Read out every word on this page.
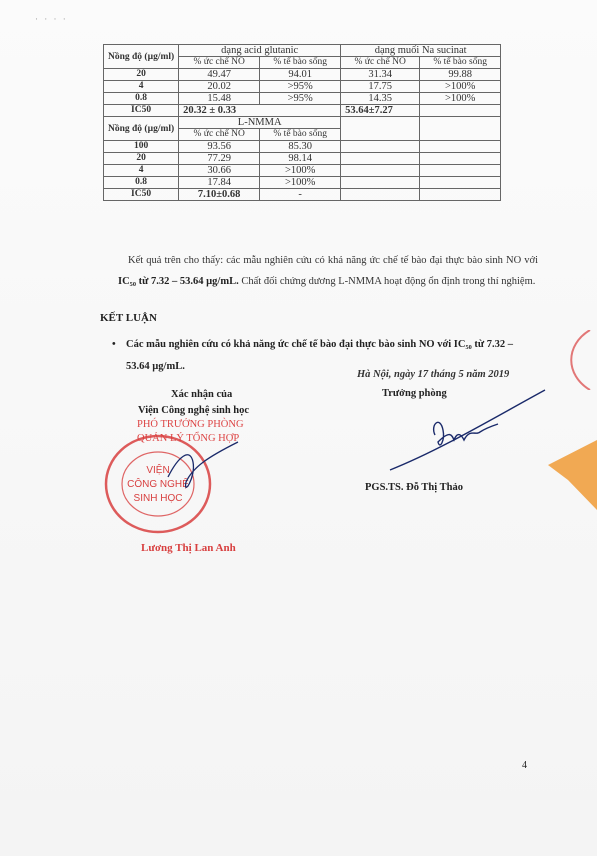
· · · ·
Nồng độ (µg/ml)	dạng acid glutanic		dạng muối Na sucinat	
	% ức chế NO	% tế bào sống	% ức chế NO	% tế bào sống
20	49.47	94.01	31.34	99.88
4	20.02	>95%	17.75	>100%
0.8	15.48	>95%	14.35	>100%
IC50	20.32 ± 0.33		53.64±7.27	
Nồng độ (µg/ml)	L-NMMA			
	% ức chế NO	% tế bào sống		
100	93.56	85.30		
20	77.29	98.14		
4	30.66	>100%		
0.8	17.84	>100%		
IC50	7.10±0.68	-		
Kết quả trên cho thấy: các mẫu nghiên cứu có khả năng ức chế tế bào đại thực bào sinh NO với IC₅₀ từ 7.32 – 53.64 µg/mL. Chất đối chứng dương L-NMMA hoạt động ổn định trong thí nghiệm.
KẾT LUẬN
• Các mẫu nghiên cứu có khả năng ức chế tế bào đại thực bào sinh NO với IC₅₀ từ 7.32 – 53.64 µg/mL.
Hà Nội, ngày 17 tháng 5 năm 2019
Trưởng phòng
PGS.TS. Đỗ Thị Thảo
Xác nhận của
Viện Công nghệ sinh học
PHÓ TRƯỞNG PHÒNG
QUẢN LÝ TỔNG HỢP
VIỆN
CÔNG NGHỆ
SINH HỌC
Lương Thị Lan Anh
4
